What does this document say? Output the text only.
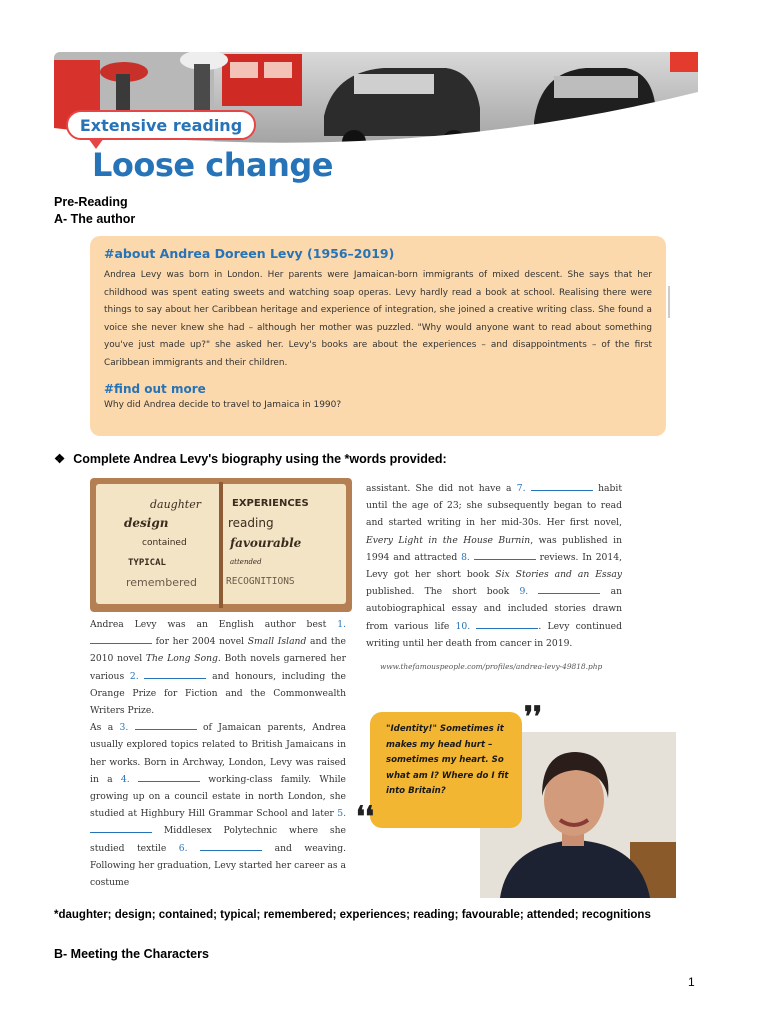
Extensive reading
Loose change
Pre-Reading
A- The author
#about Andrea Doreen Levy (1956–2019)

Andrea Levy was born in London. Her parents were Jamaican-born immigrants of mixed descent. She says that her childhood was spent eating sweets and watching soap operas. Levy hardly read a book at school. Realising there were things to say about her Caribbean heritage and experience of integration, she joined a creative writing class. She found a voice she never knew she had – although her mother was puzzled. "Why would anyone want to read about something you've just made up?" she asked her. Levy's books are about the experiences – and disappointments – of the first Caribbean immigrants and their children.

#find out more
Why did Andrea decide to travel to Jamaica in 1990?
❖ Complete Andrea Levy's biography using the *words provided:
daughter	EXPERIENCES
design	reading
contained	favourable
TYPICAL	attended
remembered	RECOGNITIONS

Andrea Levy was an English author best 1.  for her 2004 novel Small Island and the 2010 novel The Long Song. Both novels garnered her various 2.	and honours, including the Orange Prize for Fiction and the Commonwealth Writers Prize.

As a 3.	of Jamaican parents, Andrea usually explored topics related to British Jamaicans in her works. Born in Archway, London, Levy was raised in a 4.	working-class family. While growing up on a council estate in north London, she studied at Highbury Hill Grammar School and later 5.  Middlesex Polytechnic where she studied textile 6.	and weaving. Following her graduation, Levy started her career as a costume

assistant. She did not have a 7.	habit until the age of 23; she subsequently began to read and started writing in her mid-30s. Her first novel, Every Light in the House Burnin, was published in 1994 and attracted 8.	reviews. In 2014, Levy got her short book Six Stories and an Essay published. The short book 9.	an autobiographical essay and included stories drawn from various life 10.	. Levy continued writing until her death from cancer in 2019.

www.thefamouspeople.com/profiles/andrea-levy-49818.php

"Identity!" Sometimes it makes my head hurt – sometimes my heart. So what am I? Where do I fit into Britain?

❜❜
❛❛
*daughter; design; contained; typical; remembered; experiences; reading; favourable; attended; recognitions
B- Meeting the Characters
1
